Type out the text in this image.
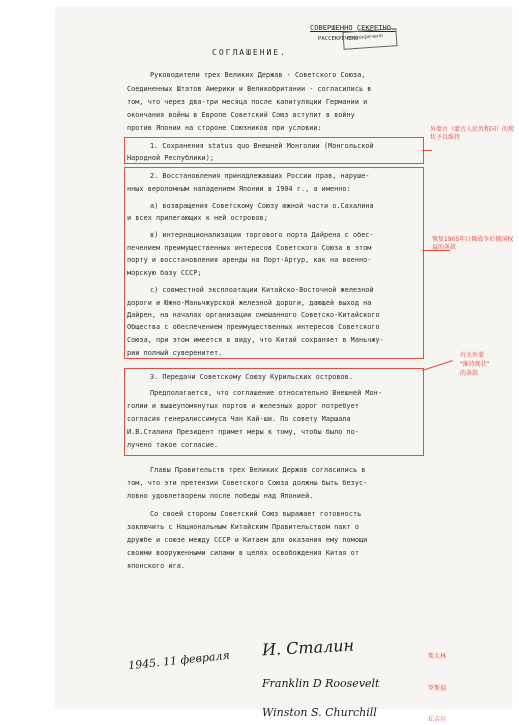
СОВЕРШЕННО СЕКРЕТНО.
РАССЕКРЕЧЕНО
Рассекречено
СОГЛАШЕНИЕ.
Руководители трех Великих Держав - Советского Союза,
Соединенных Штатов Америки и Великобритании - согласились в
том, что через два-три месяца после капитуляции Германии и
окончания войны в Европе Советский Союз вступит в войну
против Японии на стороне Союзников при условии:
1. Сохранения status quo Внешней Монголии (Монгольской
Народной Республики);
2. Восстановления принадлежавших России прав, наруше-
нных вероломным нападением Японии в 1904 г., а именно:
а) возвращения Советскому Союзу южной части о.Сахалина
и всех прилегающих к ней островов;
в) интернационализации торгового порта Дайрена с обес-
печением преимущественных интересов Советского Союза в этом
порту и восстановления аренды на Порт-Артур, как на военно-
морскую базу СССР;
с) совместной эксплоатации Китайско-Восточной железной
дороги и Южно-Маньчжурской железной дороги, дающей выход на
Дайрен, на началах организации смешанного Советско-Китайского
Общества с обеспечением преимущественных интересов Советского
Союза, при этом имеется в виду, что Китай сохраняет в Маньчжу-
рии полный суверенитет.
3. Передачи Советскому Союзу Курильских островов.
Предполагается, что соглашение относительно Внешней Мон-
голии и вышеупомянутых портов и железных дорог потребует
согласия генералиссимуса Чан Кай-ши. По совету Маршала
И.В.Сталина Президент примет меры к тому, чтобы было по-
лучено такое согласие.
Главы Правительств трех Великих Держав согласились в
том, что эти претензии Советского Союза должны быть безус-
ловно удовлетворены после победы над Японией.
Со своей стороны Советский Союз выражает готовность
заключить с Национальным Китайским Правительством пакт о
дружбе и союзе между СССР и Китаем для оказания ему помощи
своими вооруженными силами в целях освобождения Китая от
японского ига.
外蒙古（蒙古人民共和国）的现状予以维持
恢复1905年日俄战争后俄国权益的条款
有关外蒙
"维持现状"
的条款
1945. 11 февраля
И. Сталин
Franklin D Roosevelt
Winston S. Churchill
斯大林
罗斯福
丘吉尔
